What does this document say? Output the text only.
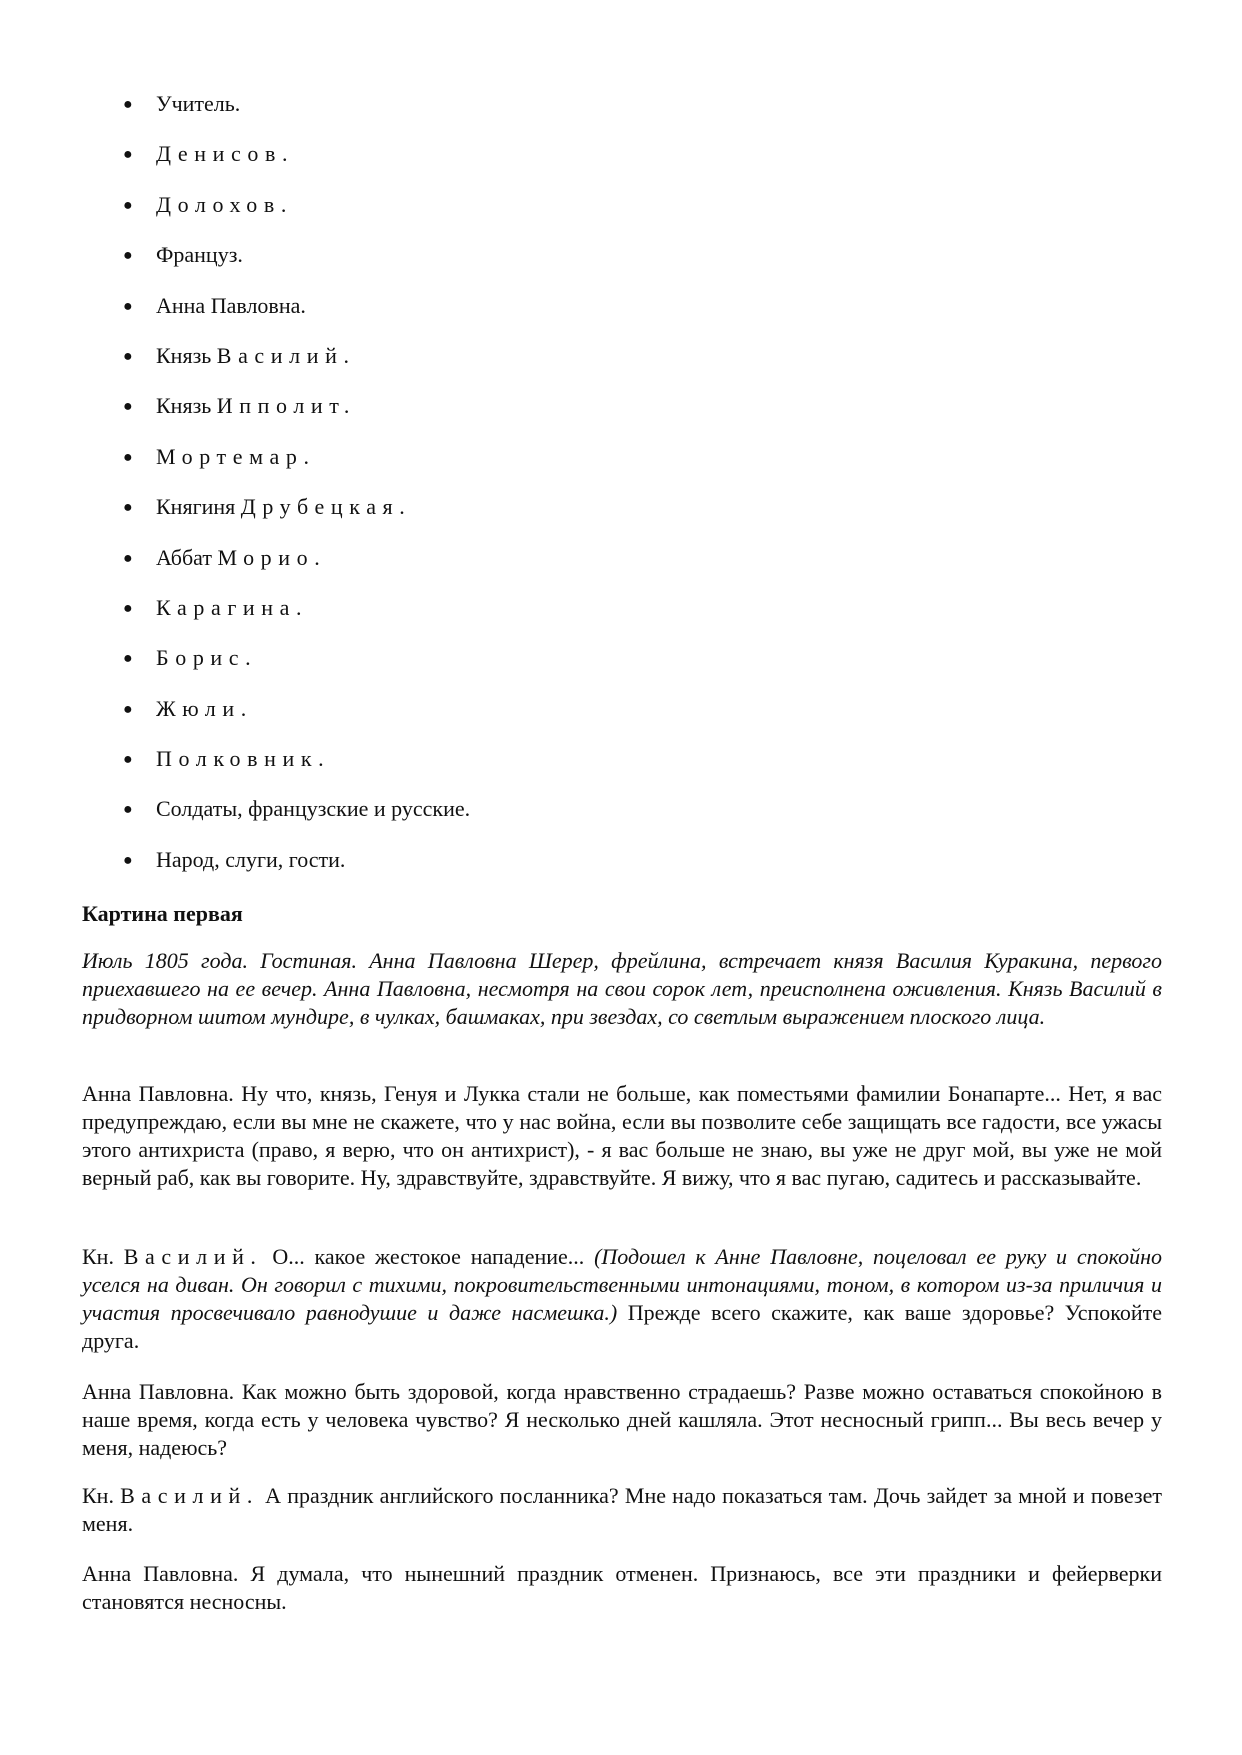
● Учитель.
● Денисов.
● Долохов.
● Француз.
● Анна Павловна.
● Князь Василий.
● Князь Ипполит.
● Мортемар.
● Княгиня Друбецкая.
● Аббат Морио.
● Карагина.
● Борис.
● Жюли.
● Полковник.
● Солдаты, французские и русские.
● Народ, слуги, гости.
Картина первая

Июль 1805 года. Гостиная. Анна Павловна Шерер, фрейлина, встречает князя Василия Куракина, первого приехавшего на ее вечер. Анна Павловна, несмотря на свои сорок лет, преисполнена оживления. Князь Василий в придворном шитом мундире, в чулках, башмаках, при звездах, со светлым выражением плоского лица.

Анна Павловна. Ну что, князь, Генуя и Лукка стали не больше, как поместьями фамилии Бонапарте... Нет, я вас предупреждаю, если вы мне не скажете, что у нас война, если вы позволите себе защищать все гадости, все ужасы этого антихриста (право, я верю, что он антихрист), - я вас больше не знаю, вы уже не друг мой, вы уже не мой верный раб, как вы говорите. Ну, здравствуйте, здравствуйте. Я вижу, что я вас пугаю, садитесь и рассказывайте.

Кн. Василий. О... какое жестокое нападение... (Подошел к Анне Павловне, поцеловал ее руку и спокойно уселся на диван. Он говорил с тихими, покровительственными интонациями, тоном, в котором из-за приличия и участия просвечивало равнодушие и даже насмешка.) Прежде всего скажите, как ваше здоровье? Успокойте друга.

Анна Павловна. Как можно быть здоровой, когда нравственно страдаешь? Разве можно оставаться спокойною в наше время, когда есть у человека чувство? Я несколько дней кашляла. Этот несносный грипп... Вы весь вечер у меня, надеюсь?

Кн. Василий. А праздник английского посланника? Мне надо показаться там. Дочь зайдет за мной и повезет меня.

Анна Павловна. Я думала, что нынешний праздник отменен. Признаюсь, все эти праздники и фейерверки становятся несносны.
